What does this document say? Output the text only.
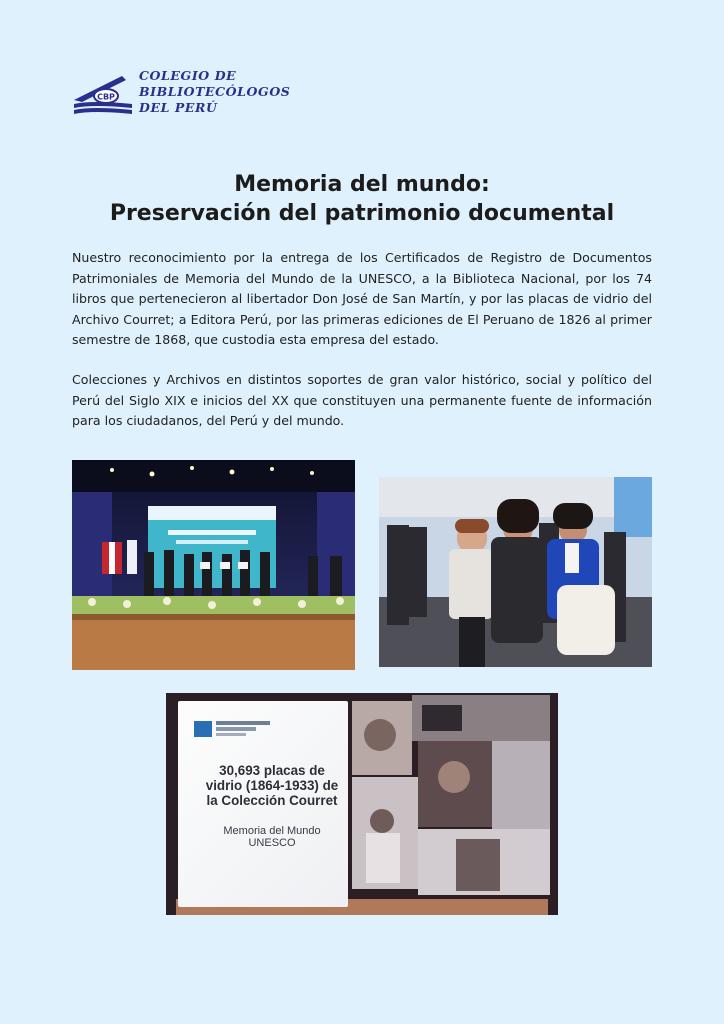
CBP
COLEGIO DE
BIBLIOTECÓLOGOS
DEL PERÚ
Memoria del mundo:
Preservación del patrimonio documental

Nuestro reconocimiento por la entrega de los Certificados de Registro de Documentos Patrimoniales de Memoria del Mundo de la UNESCO, a la Biblioteca Nacional, por los 74 libros que pertenecieron al libertador Don José de San Martín, y por las placas de vidrio del Archivo Courret; a Editora Perú, por las primeras ediciones de El Peruano de 1826 al primer semestre de 1868, que custodia esta empresa del estado.

Colecciones y Archivos en distintos soportes de gran valor histórico, social y político del Perú del Siglo XIX e inicios del XX que constituyen una permanente fuente de información para los ciudadanos, del Perú y del mundo.

30,693 placas de
vidrio (1864-1933) de
la Colección Courret
Memoria del Mundo
UNESCO
